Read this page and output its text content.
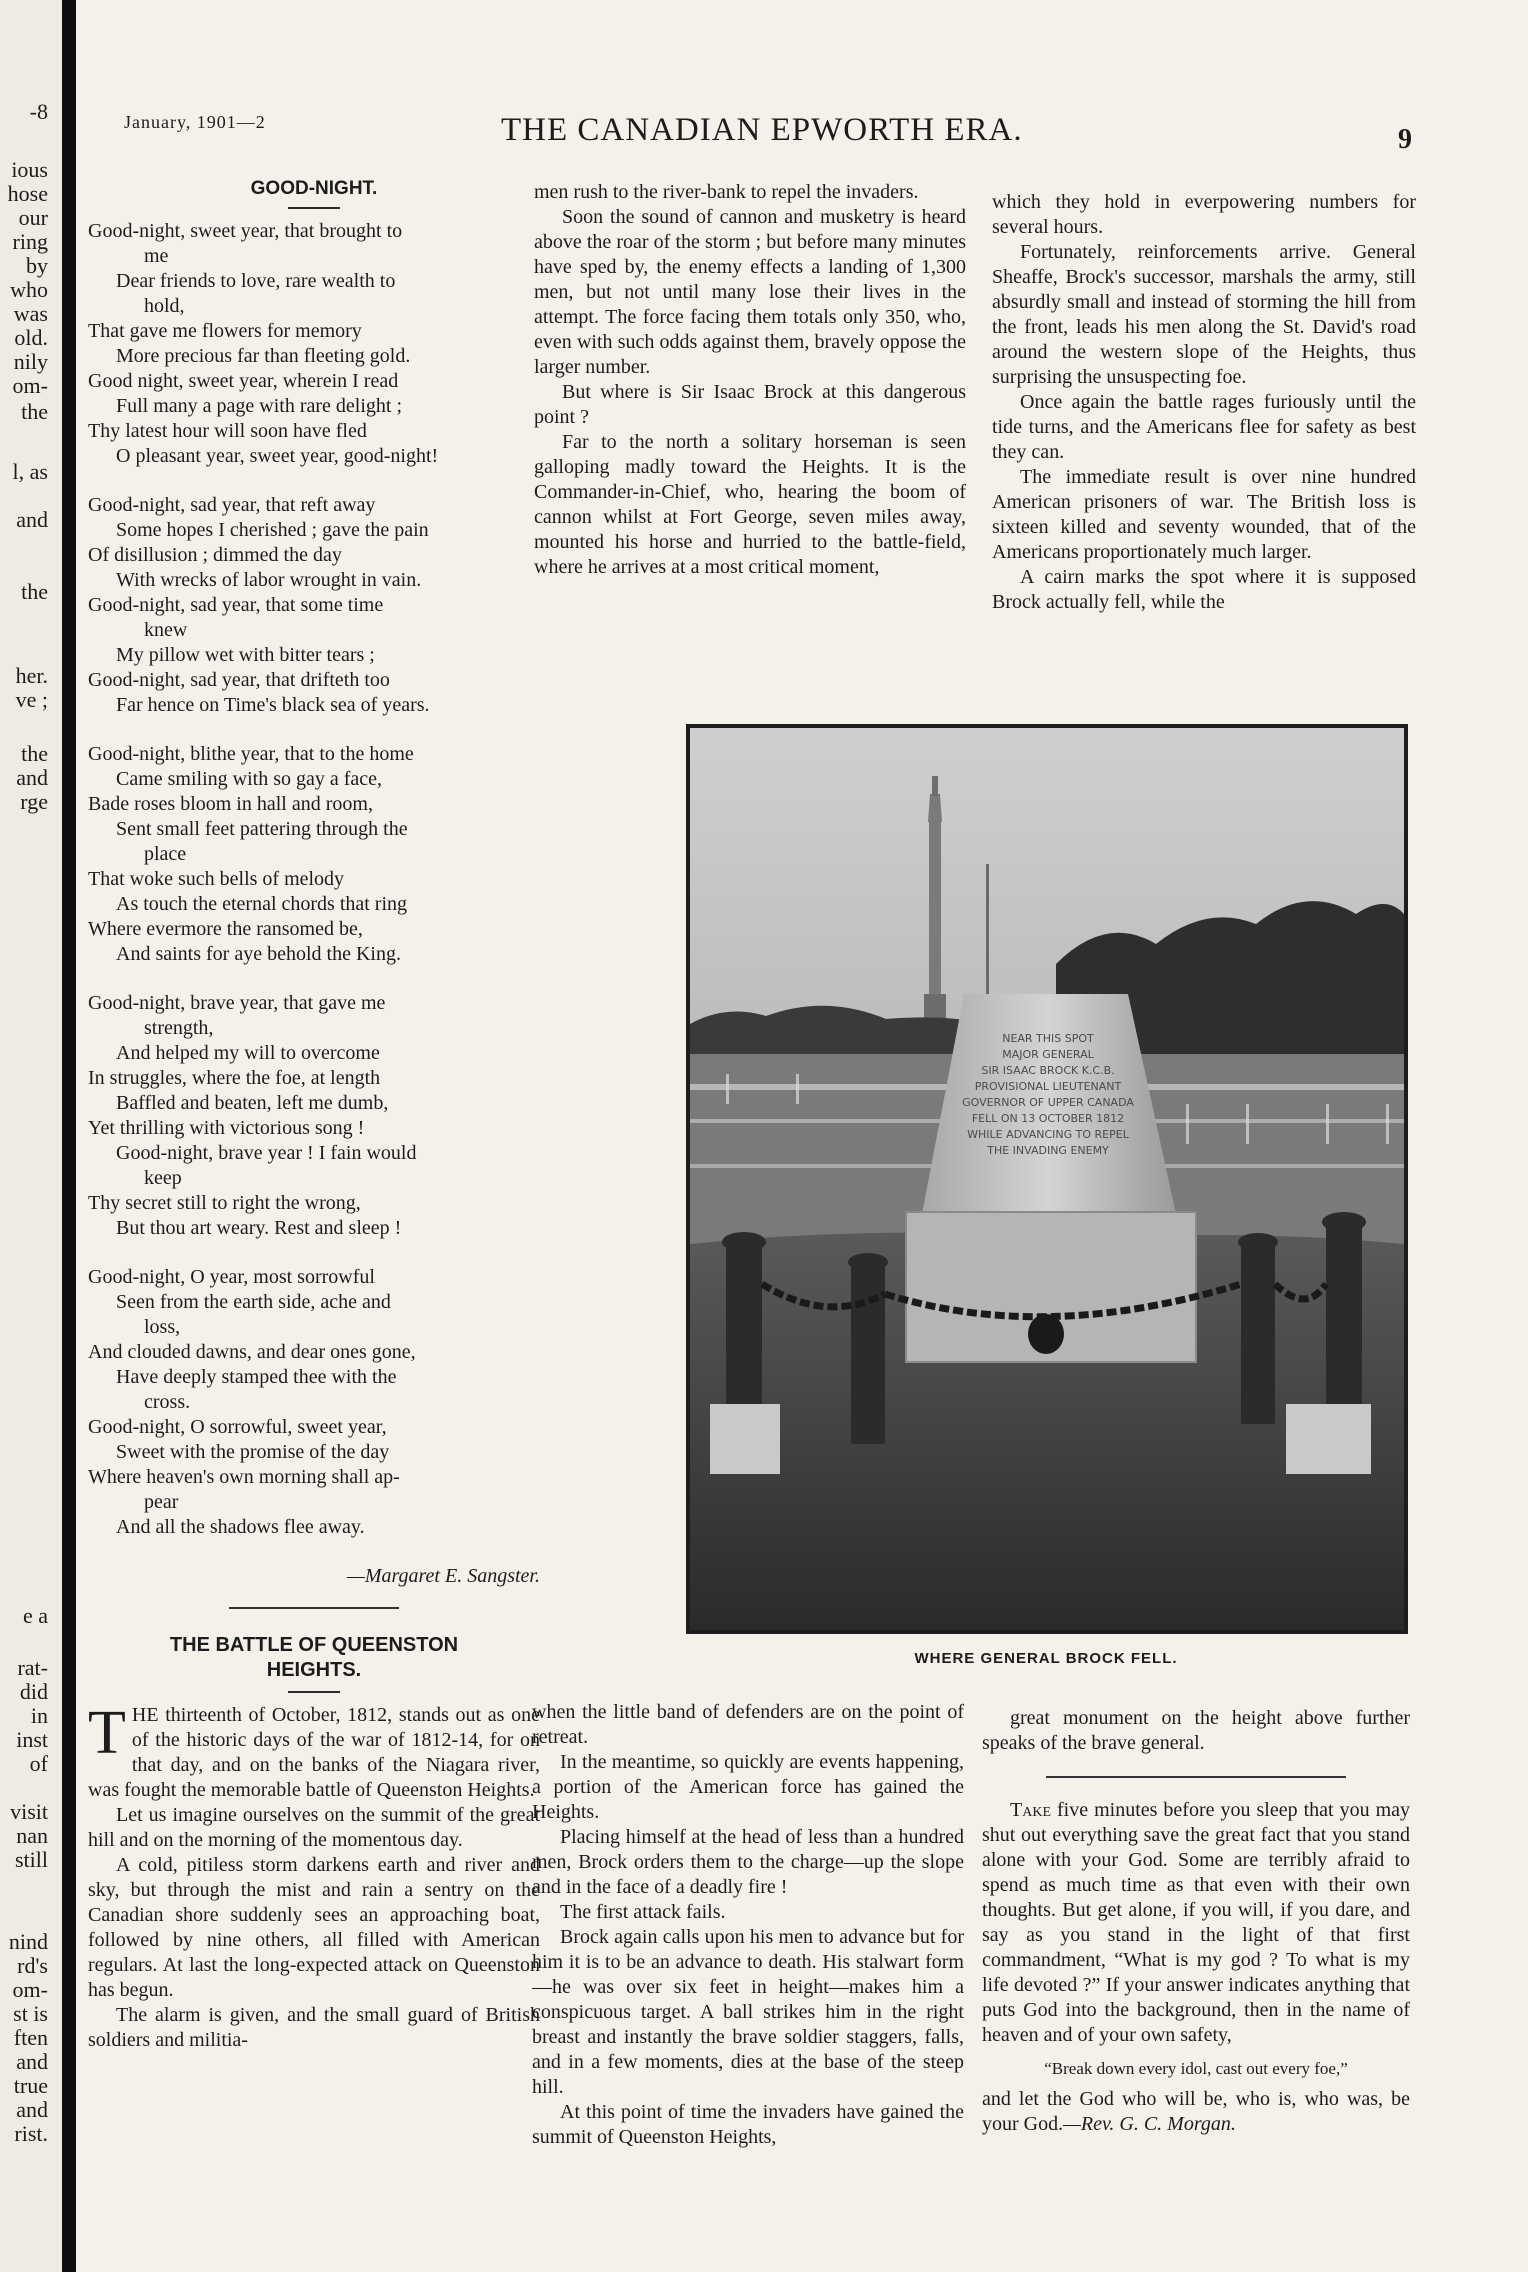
-8
ious
hose
our
ring
by
who
was
old.
nily
om-
the
l, as
and
the
her.
ve ;
the
and
rge
e a
rat-
did
in
inst
of
visit
nan
still
nind
rd's
om-
st is
ften
and
true
and
rist.
January, 1901—2	THE CANADIAN EPWORTH ERA.	9
GOOD-NIGHT.
Good-night, sweet year, that brought to
me
Dear friends to love, rare wealth to
hold,
That gave me flowers for memory
More precious far than fleeting gold.
Good night, sweet year, wherein I read
Full many a page with rare delight ;
Thy latest hour will soon have fled
O pleasant year, sweet year, good-night!
Good-night, sad year, that reft away
Some hopes I cherished ; gave the pain
Of disillusion ; dimmed the day
With wrecks of labor wrought in vain.
Good-night, sad year, that some time
knew
My pillow wet with bitter tears ;
Good-night, sad year, that drifteth too
Far hence on Time's black sea of years.
Good-night, blithe year, that to the home
Came smiling with so gay a face,
Bade roses bloom in hall and room,
Sent small feet pattering through the
place
That woke such bells of melody
As touch the eternal chords that ring
Where evermore the ransomed be,
And saints for aye behold the King.
Good-night, brave year, that gave me
strength,
And helped my will to overcome
In struggles, where the foe, at length
Baffled and beaten, left me dumb,
Yet thrilling with victorious song !
Good-night, brave year ! I fain would
keep
Thy secret still to right the wrong,
But thou art weary. Rest and sleep !
Good-night, O year, most sorrowful
Seen from the earth side, ache and
loss,
And clouded dawns, and dear ones gone,
Have deeply stamped thee with the
cross.
Good-night, O sorrowful, sweet year,
Sweet with the promise of the day
Where heaven's own morning shall ap-
pear
And all the shadows flee away.
—Margaret E. Sangster.
THE BATTLE OF QUEENSTON
HEIGHTS.

THE thirteenth of October, 1812, stands out as one of the historic days of the war of 1812-14, for on that day, and on the banks of the Niagara river, was fought the memorable battle of Queenston Heights.

Let us imagine ourselves on the summit of the great hill and on the morning of the momentous day.

A cold, pitiless storm darkens earth and river and sky, but through the mist and rain a sentry on the Canadian shore suddenly sees an approaching boat, followed by nine others, all filled with American regulars. At last the long-expected attack on Queenston has begun.

The alarm is given, and the small guard of British soldiers and militia-

men rush to the river-bank to repel the invaders.

Soon the sound of cannon and musketry is heard above the roar of the storm ; but before many minutes have sped by, the enemy effects a landing of 1,300 men, but not until many lose their lives in the attempt. The force facing them totals only 350, who, even with such odds against them, bravely oppose the larger number.

But where is Sir Isaac Brock at this dangerous point ?

Far to the north a solitary horseman is seen galloping madly toward the Heights. It is the Commander-in-Chief, who, hearing the boom of cannon whilst at Fort George, seven miles away, mounted his horse and hurried to the battle-field, where he arrives at a most critical moment,

which they hold in everpowering numbers for several hours.

Fortunately, reinforcements arrive. General Sheaffe, Brock's successor, marshals the army, still absurdly small and instead of storming the hill from the front, leads his men along the St. David's road around the western slope of the Heights, thus surprising the unsuspecting foe.

Once again the battle rages furiously until the tide turns, and the Americans flee for safety as best they can.

The immediate result is over nine hundred American prisoners of war. The British loss is sixteen killed and seventy wounded, that of the Americans proportionately much larger.

A cairn marks the spot where it is supposed Brock actually fell, while the

NEAR THIS SPOT
MAJOR GENERAL
SIR ISAAC BROCK K.C.B.
PROVISIONAL LIEUTENANT
GOVERNOR OF UPPER CANADA
FELL ON 13 OCTOBER 1812
WHILE ADVANCING TO REPEL
THE INVADING ENEMY
WHERE GENERAL BROCK FELL.

when the little band of defenders are on the point of retreat.

In the meantime, so quickly are events happening, a portion of the American force has gained the Heights.

Placing himself at the head of less than a hundred men, Brock orders them to the charge—up the slope and in the face of a deadly fire !

The first attack fails.

Brock again calls upon his men to advance but for him it is to be an advance to death. His stalwart form—he was over six feet in height—makes him a conspicuous target. A ball strikes him in the right breast and instantly the brave soldier staggers, falls, and in a few moments, dies at the base of the steep hill.

At this point of time the invaders have gained the summit of Queenston Heights,

great monument on the height above further speaks of the brave general.

Take five minutes before you sleep that you may shut out everything save the great fact that you stand alone with your God. Some are terribly afraid to spend as much time as that even with their own thoughts. But get alone, if you will, if you dare, and say as you stand in the light of that first commandment, “What is my god ? To what is my life devoted ?” If your answer indicates anything that puts God into the background, then in the name of heaven and of your own safety,

“Break down every idol, cast out every foe,”

and let the God who will be, who is, who was, be your God.—Rev. G. C. Morgan.
